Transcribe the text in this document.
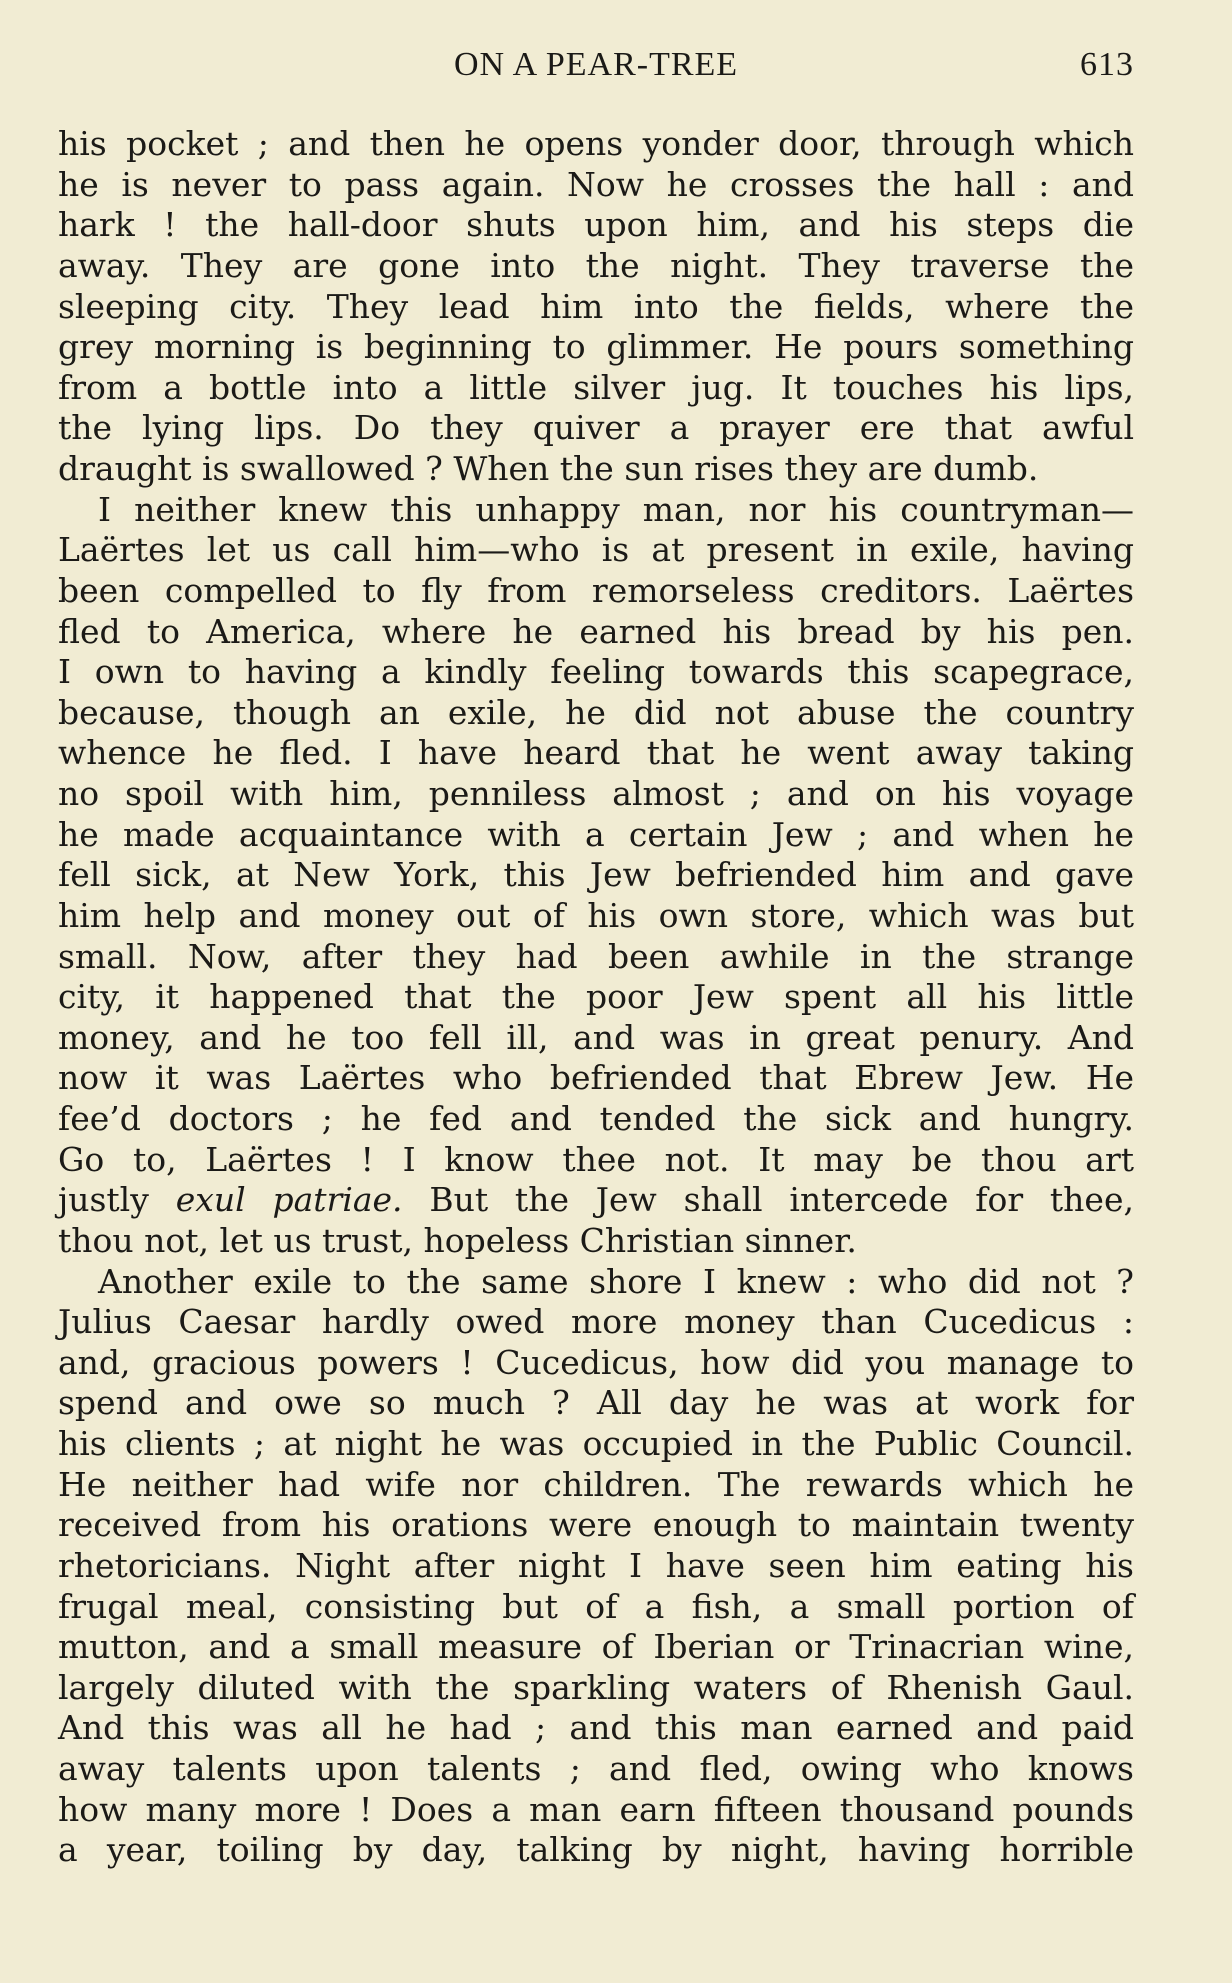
ON A PEAR-TREE	613
his pocket ; and then he opens yonder door, through which
he is never to pass again. Now he crosses the hall : and
hark ! the hall-door shuts upon him, and his steps die
away. They are gone into the night. They traverse the
sleeping city. They lead him into the fields, where the
grey morning is beginning to glimmer. He pours something
from a bottle into a little silver jug. It touches his lips,
the lying lips. Do they quiver a prayer ere that awful
draught is swallowed ? When the sun rises they are dumb.
I neither knew this unhappy man, nor his countryman—
Laërtes let us call him—who is at present in exile, having
been compelled to fly from remorseless creditors. Laërtes
fled to America, where he earned his bread by his pen.
I own to having a kindly feeling towards this scapegrace,
because, though an exile, he did not abuse the country
whence he fled. I have heard that he went away taking
no spoil with him, penniless almost ; and on his voyage
he made acquaintance with a certain Jew ; and when he
fell sick, at New York, this Jew befriended him and gave
him help and money out of his own store, which was but
small. Now, after they had been awhile in the strange
city, it happened that the poor Jew spent all his little
money, and he too fell ill, and was in great penury. And
now it was Laërtes who befriended that Ebrew Jew. He
fee’d doctors ; he fed and tended the sick and hungry.
Go to, Laërtes ! I know thee not. It may be thou art
justly exul patriae. But the Jew shall intercede for thee,
thou not, let us trust, hopeless Christian sinner.
Another exile to the same shore I knew : who did not ?
Julius Caesar hardly owed more money than Cucedicus :
and, gracious powers ! Cucedicus, how did you manage to
spend and owe so much ? All day he was at work for
his clients ; at night he was occupied in the Public Council.
He neither had wife nor children. The rewards which he
received from his orations were enough to maintain twenty
rhetoricians. Night after night I have seen him eating his
frugal meal, consisting but of a fish, a small portion of
mutton, and a small measure of Iberian or Trinacrian wine,
largely diluted with the sparkling waters of Rhenish Gaul.
And this was all he had ; and this man earned and paid
away talents upon talents ; and fled, owing who knows
how many more ! Does a man earn fifteen thousand pounds
a year, toiling by day, talking by night, having horrible
